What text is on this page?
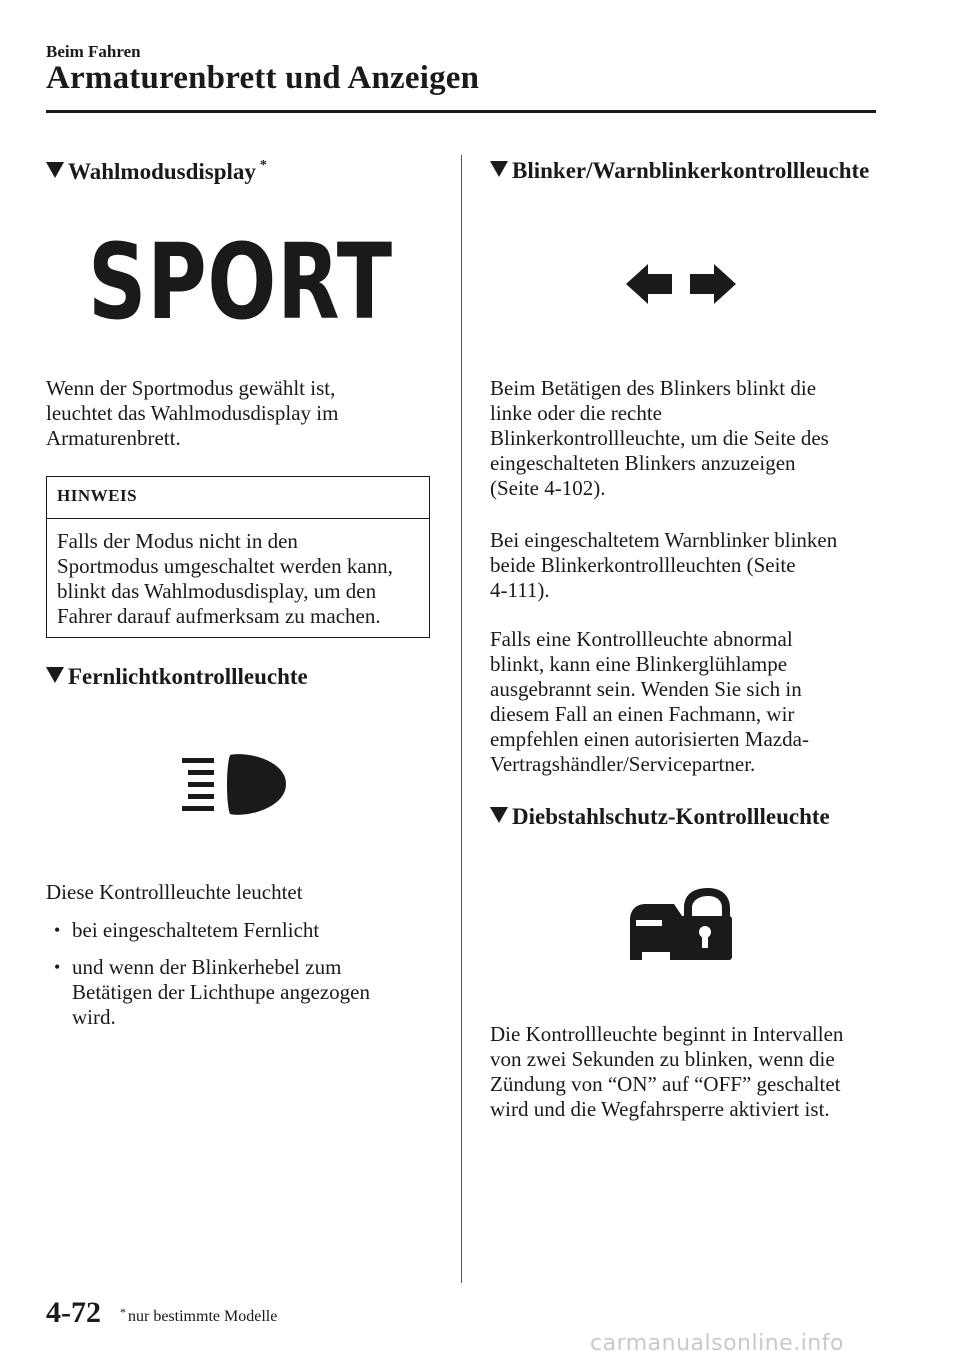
Beim Fahren
Armaturenbrett und Anzeigen
Wahlmodusdisplay *
SPORT

Wenn der Sportmodus gewählt ist,
leuchtet das Wahlmodusdisplay im
Armaturenbrett.

HINWEIS
Falls der Modus nicht in den
Sportmodus umgeschaltet werden kann,
blinkt das Wahlmodusdisplay, um den
Fahrer darauf aufmerksam zu machen.
Fernlichtkontrollleuchte

Diese Kontrollleuchte leuchtet

• bei eingeschaltetem Fernlicht
• und wenn der Blinkerhebel zum
Betätigen der Lichthupe angezogen
wird.
Blinker/Warnblinkerkontrollleuchte

Beim Betätigen des Blinkers blinkt die
linke oder die rechte
Blinkerkontrollleuchte, um die Seite des
eingeschalteten Blinkers anzuzeigen
(Seite 4-102).

Bei eingeschaltetem Warnblinker blinken
beide Blinkerkontrollleuchten (Seite
4-111).

Falls eine Kontrollleuchte abnormal
blinkt, kann eine Blinkerglühlampe
ausgebrannt sein. Wenden Sie sich in
diesem Fall an einen Fachmann, wir
empfehlen einen autorisierten Mazda-
Vertragshändler/Servicepartner.

Diebstahlschutz-Kontrollleuchte

Die Kontrollleuchte beginnt in Intervallen
von zwei Sekunden zu blinken, wenn die
Zündung von “ON” auf “OFF” geschaltet
wird und die Wegfahrsperre aktiviert ist.

4-72 * nur bestimmte Modelle
carmanualsonline.info
